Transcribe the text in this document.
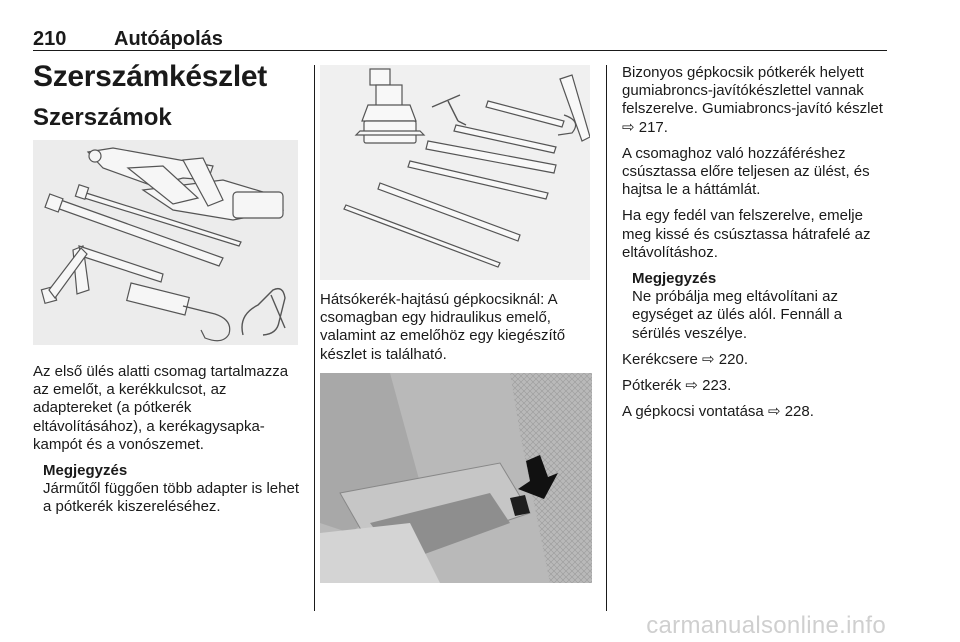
210 Autóápolás
Szerszámkészlet
Szerszámok

Az első ülés alatti csomag tartalmazza az emelőt, a kerékkulcsot, az adaptereket (a pótkerék eltávolításához), a kerékagysapka-kampót és a vonószemet.

Megjegyzés
Járműtől függően több adapter is lehet a pótkerék kiszereléséhez.

Hátsókerék-hajtású gépkocsiknál: A csomagban egy hidraulikus emelő, valamint az emelőhöz egy kiegészítő készlet is található.

Bizonyos gépkocsik pótkerék helyett gumiabroncs-javítókészlettel vannak felszerelve. Gumiabroncs-javító készlet ⇨ 217.

A csomaghoz való hozzáféréshez csúsztassa előre teljesen az ülést, és hajtsa le a háttámlát.

Ha egy fedél van felszerelve, emelje meg kissé és csúsztassa hátrafelé az eltávolításhoz.

Megjegyzés
Ne próbálja meg eltávolítani az egységet az ülés alól. Fennáll a sérülés veszélye.

Kerékcsere ⇨ 220.

Pótkerék ⇨ 223.

A gépkocsi vontatása ⇨ 228.

carmanualsonline.info
